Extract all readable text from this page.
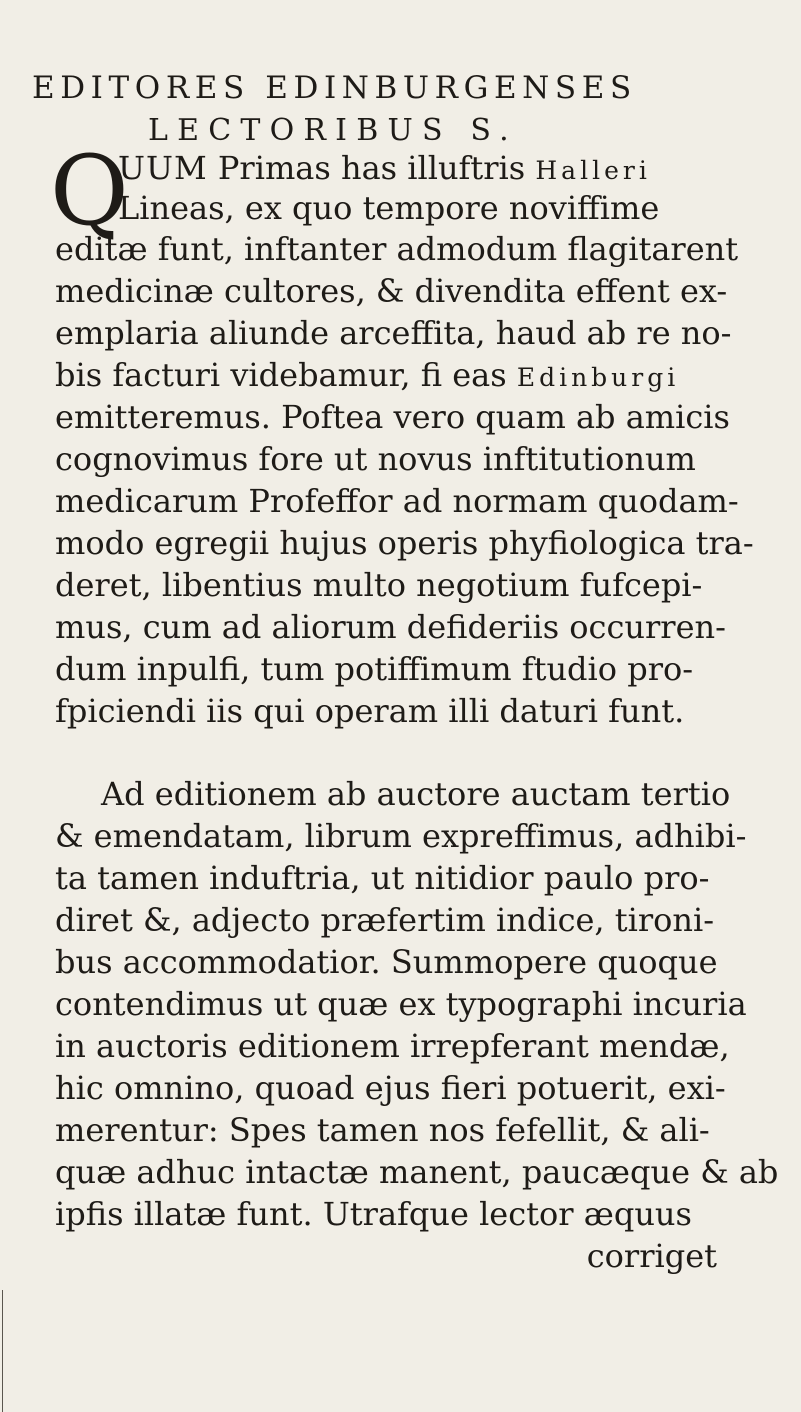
EDITORES EDINBURGENSES
LECTORIBUS S.
Q
UUM Primas has illuftris Halleri
Lineas, ex quo tempore noviffime
editæ funt, inftanter admodum flagitarent
medicinæ cultores, & divendita effent ex-
emplaria aliunde arceffita, haud ab re no-
bis facturi videbamur, fi eas Edinburgi
emitteremus. Poftea vero quam ab amicis
cognovimus fore ut novus inftitutionum
medicarum Profeffor ad normam quodam-
modo egregii hujus operis phyfiologica tra-
deret, libentius multo negotium fufcepi-
mus, cum ad aliorum defideriis occurren-
dum inpulfi, tum potiffimum ftudio pro-
fpiciendi iis qui operam illi daturi funt.
Ad editionem ab auctore auctam tertio
& emendatam, librum expreffimus, adhibi-
ta tamen induftria, ut nitidior paulo pro-
diret &, adjecto præfertim indice, tironi-
bus accommodatior. Summopere quoque
contendimus ut quæ ex typographi incuria
in auctoris editionem irrepferant mendæ,
hic omnino, quoad ejus fieri potuerit, exi-
merentur: Spes tamen nos fefellit, & ali-
quæ adhuc intactæ manent, paucæque & ab
ipfis illatæ funt. Utrafque lector æquus
corriget
